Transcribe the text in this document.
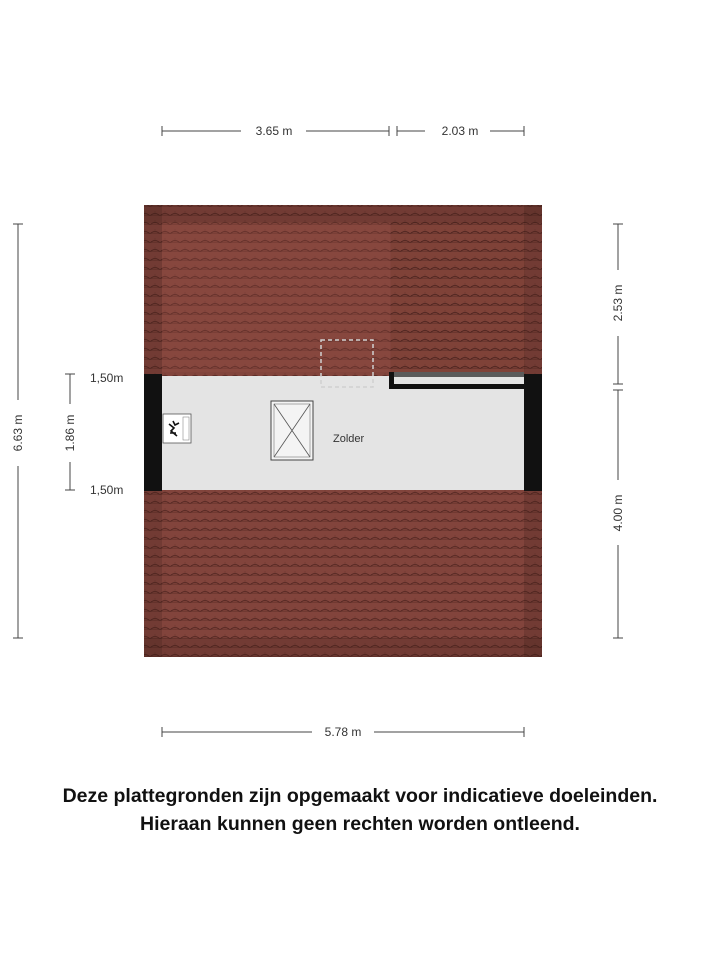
Zolder
3.65 m	2.03 m
5.78 m
6.63 m	1.86 m
1,50m
1,50m
2.53 m
4.00 m
Deze plattegronden zijn opgemaakt voor indicatieve doeleinden.
Hieraan kunnen geen rechten worden ontleend.
